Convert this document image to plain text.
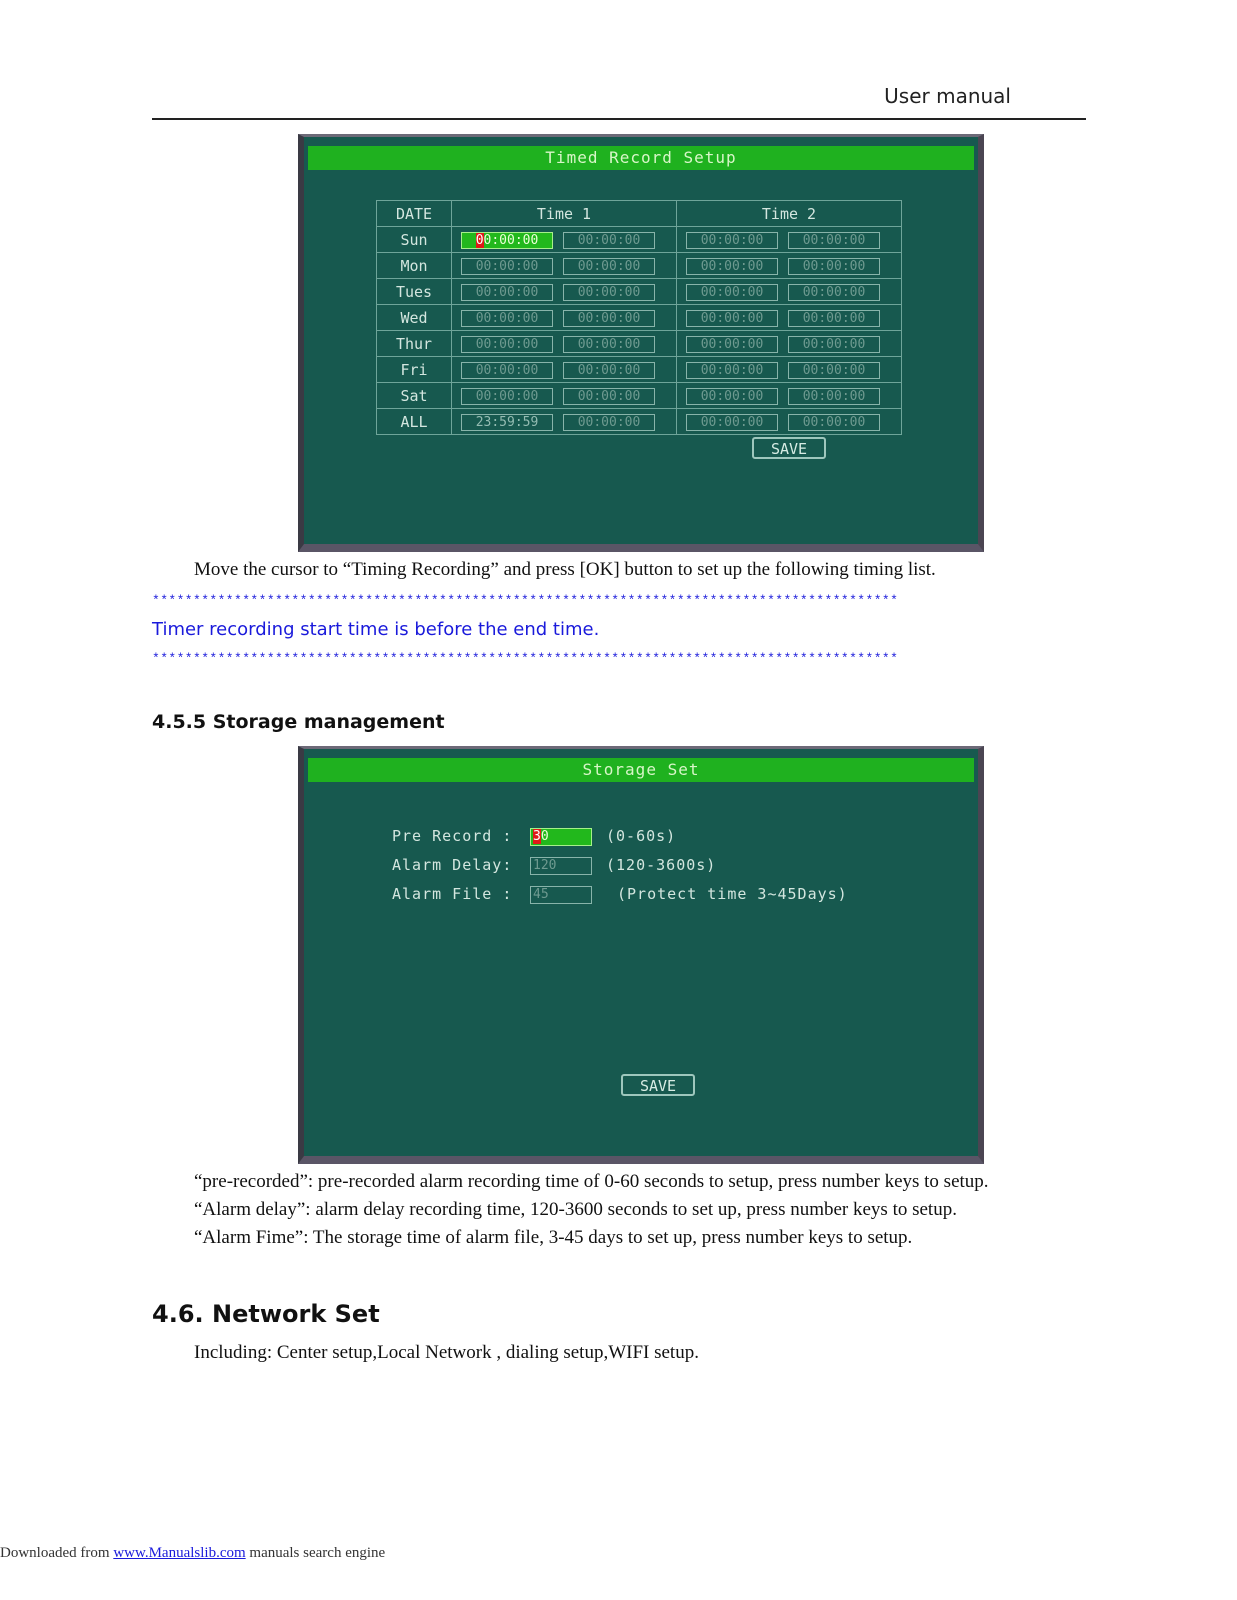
User manual
Timed Record Setup
DATE	Time 1	Time 2
Sun	00:00:00 00:00:00	00:00:00 00:00:00
Mon	00:00:00 00:00:00	00:00:00 00:00:00
Tues	00:00:00 00:00:00	00:00:00 00:00:00
Wed	00:00:00 00:00:00	00:00:00 00:00:00
Thur	00:00:00 00:00:00	00:00:00 00:00:00
Fri	00:00:00 00:00:00	00:00:00 00:00:00
Sat	00:00:00 00:00:00	00:00:00 00:00:00
ALL	23:59:59 00:00:00	00:00:00 00:00:00
SAVE
Move the cursor to “Timing Recording” and press [OK] button to set up the following timing list.
*******************************************************************************************
Timer recording start time is before the end time.
*******************************************************************************************
4.5.5 Storage management
Storage Set
Pre Record : 30	(0-60s)
Alarm Delay: 120	(120-3600s)
Alarm File : 45	(Protect time 3~45Days)
SAVE
“pre-recorded”: pre-recorded alarm recording time of 0-60 seconds to setup, press number keys to setup.
“Alarm delay”: alarm delay recording time, 120-3600 seconds to set up, press number keys to setup.
“Alarm Fime”: The storage time of alarm file, 3-45 days to set up, press number keys to setup.
4.6. Network Set
Including: Center setup,Local Network , dialing setup,WIFI setup.
Downloaded from www.Manualslib.com manuals search engine
